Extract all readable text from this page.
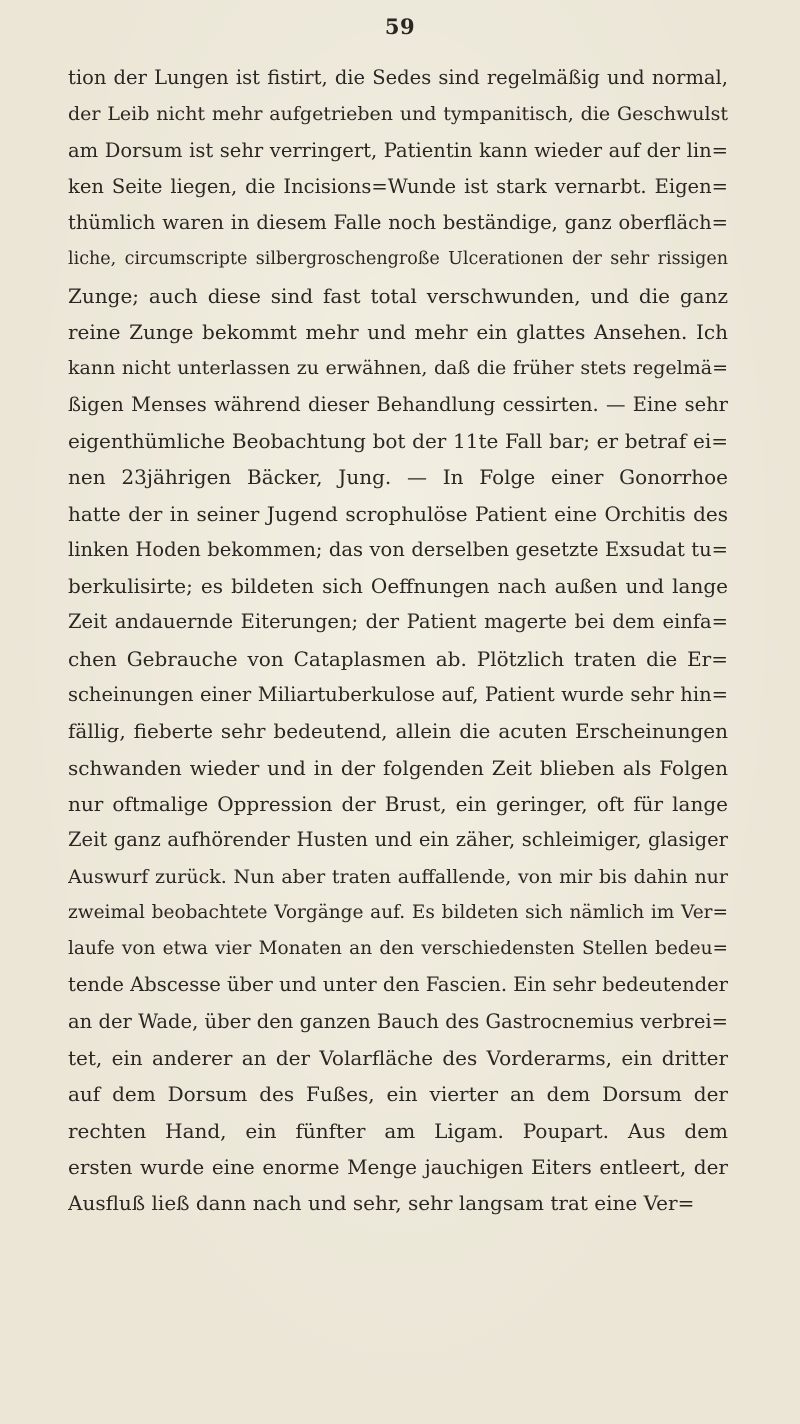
59
tion der Lungen ist fistirt, die Sedes sind regelmäßig und normal,
der Leib nicht mehr aufgetrieben und tympanitisch, die Geschwulst
am Dorsum ist sehr verringert, Patientin kann wieder auf der lin=
ken Seite liegen, die Incisions=Wunde ist stark vernarbt. Eigen=
thümlich waren in diesem Falle noch beständige, ganz oberfläch=
liche, circumscripte silbergroschengroße Ulcerationen der sehr rissigen
Zunge; auch diese sind fast total verschwunden, und die ganz
reine Zunge bekommt mehr und mehr ein glattes Ansehen. Ich
kann nicht unterlassen zu erwähnen, daß die früher stets regelmä=
ßigen Menses während dieser Behandlung cessirten. — Eine sehr
eigenthümliche Beobachtung bot der 11te Fall bar; er betraf ei=
nen 23jährigen Bäcker, Jung. — In Folge einer Gonorrhoe
hatte der in seiner Jugend scrophulöse Patient eine Orchitis des
linken Hoden bekommen; das von derselben gesetzte Exsudat tu=
berkulisirte; es bildeten sich Oeffnungen nach außen und lange
Zeit andauernde Eiterungen; der Patient magerte bei dem einfa=
chen Gebrauche von Cataplasmen ab. Plötzlich traten die Er=
scheinungen einer Miliartuberkulose auf, Patient wurde sehr hin=
fällig, fieberte sehr bedeutend, allein die acuten Erscheinungen
schwanden wieder und in der folgenden Zeit blieben als Folgen
nur oftmalige Oppression der Brust, ein geringer, oft für lange
Zeit ganz aufhörender Husten und ein zäher, schleimiger, glasiger
Auswurf zurück. Nun aber traten auffallende, von mir bis dahin nur
zweimal beobachtete Vorgänge auf. Es bildeten sich nämlich im Ver=
laufe von etwa vier Monaten an den verschiedensten Stellen bedeu=
tende Abscesse über und unter den Fascien. Ein sehr bedeutender
an der Wade, über den ganzen Bauch des Gastrocnemius verbrei=
tet, ein anderer an der Volarfläche des Vorderarms, ein dritter
auf dem Dorsum des Fußes, ein vierter an dem Dorsum der
rechten Hand, ein fünfter am Ligam. Poupart. Aus dem
ersten wurde eine enorme Menge jauchigen Eiters entleert, der
Ausfluß ließ dann nach und sehr, sehr langsam trat eine Ver=
